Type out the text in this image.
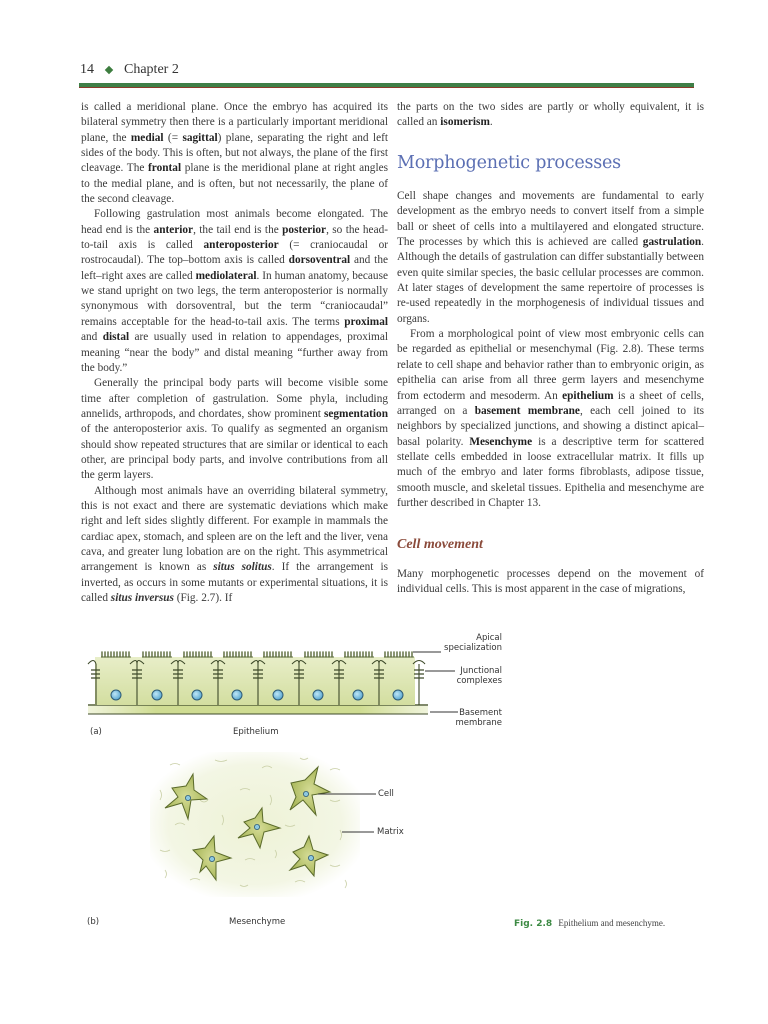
14 Chapter 2

is called a meridional plane. Once the embryo has acquired its bilateral symmetry then there is a particularly important meridional plane, the medial (= sagittal) plane, separating the right and left sides of the body. This is often, but not always, the plane of the first cleavage. The frontal plane is the meridional plane at right angles to the medial plane, and is often, but not necessarily, the plane of the second cleavage.

Following gastrulation most animals become elongated. The head end is the anterior, the tail end is the posterior, so the head-to-tail axis is called anteroposterior (= craniocaudal or rostrocaudal). The top–bottom axis is called dorsoventral and the left–right axes are called mediolateral. In human anatomy, because we stand upright on two legs, the term anteroposterior is normally synonymous with dorsoventral, but the term “craniocaudal” remains acceptable for the head-to-tail axis. The terms proximal and distal are usually used in relation to appendages, proximal meaning “near the body” and distal meaning “further away from the body.”

Generally the principal body parts will become visible some time after completion of gastrulation. Some phyla, including annelids, arthropods, and chordates, show prominent segmentation of the anteroposterior axis. To qualify as segmented an organism should show repeated structures that are similar or identical to each other, are principal body parts, and involve contributions from all the germ layers.

Although most animals have an overriding bilateral symmetry, this is not exact and there are systematic deviations which make right and left sides slightly different. For example in mammals the cardiac apex, stomach, and spleen are on the left and the liver, vena cava, and greater lung lobation are on the right. This asymmetrical arrangement is known as situs solitus. If the arrangement is inverted, as occurs in some mutants or experimental situations, it is called situs inversus (Fig. 2.7). If

the parts on the two sides are partly or wholly equivalent, it is called an isomerism.

Morphogenetic processes

Cell shape changes and movements are fundamental to early development as the embryo needs to convert itself from a simple ball or sheet of cells into a multilayered and elongated structure. The processes by which this is achieved are called gastrulation. Although the details of gastrulation can differ substantially between even quite similar species, the basic cellular processes are common. At later stages of development the same repertoire of processes is re-used repeatedly in the morphogenesis of individual tissues and organs.

From a morphological point of view most embryonic cells can be regarded as epithelial or mesenchymal (Fig. 2.8). These terms relate to cell shape and behavior rather than to embryonic origin, as epithelia can arise from all three germ layers and mesenchyme from ectoderm and mesoderm. An epithelium is a sheet of cells, arranged on a basement membrane, each cell joined to its neighbors by specialized junctions, and showing a distinct apical–basal polarity. Mesenchyme is a descriptive term for scattered stellate cells embedded in loose extracellular matrix. It fills up much of the embryo and later forms fibroblasts, adipose tissue, smooth muscle, and skeletal tissues. Epithelia and mesenchyme are further described in Chapter 13.

Cell movement

Many morphogenetic processes depend on the movement of individual cells. This is most apparent in the case of migrations,

(a)	Epithelium
Apical
specialization
Junctional
complexes
Basement
membrane
Cell
Matrix
(b)	Mesenchyme	Fig. 2.8 Epithelium and mesenchyme.
